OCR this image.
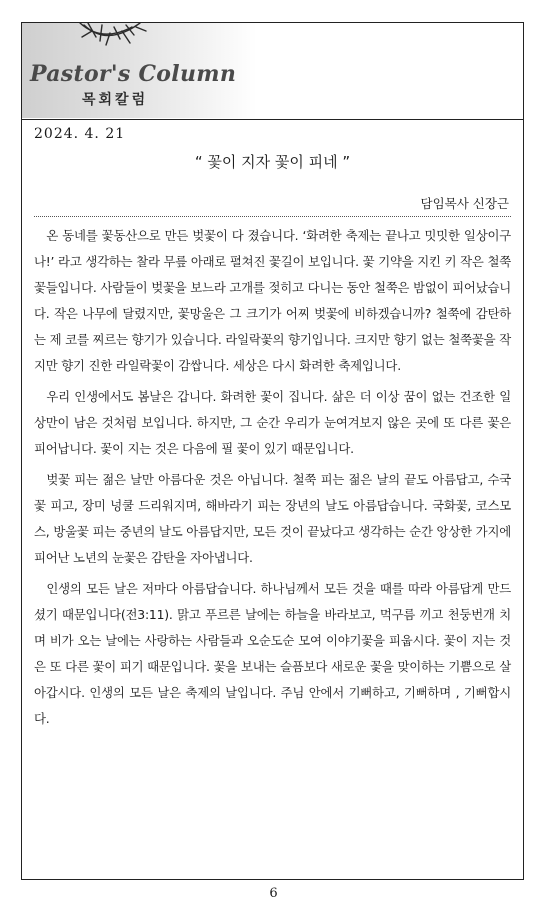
Pastor's Column
목회칼럼
2024. 4. 21
“ 꽃이 지자 꽃이 피네 ”
담임목사 신장근

온 동네를 꽃동산으로 만든 벚꽃이 다 졌습니다. ‘화려한 축제는 끝나고 밋밋한 일상이구나!’ 라고 생각하는 찰라 무릎 아래로 펼쳐진 꽃길이 보입니다. 꽃 기약을 지킨 키 작은 철쭉꽃들입니다. 사람들이 벚꽃을 보느라 고개를 젖히고 다니는 동안 철쭉은 밤없이 피어났습니다. 작은 나무에 달렸지만, 꽃망울은 그 크기가 어찌 벚꽃에 비하겠습니까? 철쭉에 감탄하는 제 코를 찌르는 향기가 있습니다. 라일락꽃의 향기입니다. 크지만 향기 없는 철쭉꽃을 작지만 향기 진한 라일락꽃이 감쌉니다. 세상은 다시 화려한 축제입니다.

우리 인생에서도 봄날은 갑니다. 화려한 꽃이 집니다. 삶은 더 이상 꿈이 없는 건조한 일상만이 남은 것처럼 보입니다. 하지만, 그 순간 우리가 눈여겨보지 않은 곳에 또 다른 꽃은 피어납니다. 꽃이 지는 것은 다음에 필 꽃이 있기 때문입니다.

벚꽃 피는 젊은 날만 아름다운 것은 아닙니다. 철쭉 피는 젊은 날의 끝도 아름답고, 수국꽃 피고, 장미 넝쿨 드리워지며, 해바라기 피는 장년의 날도 아름답습니다. 국화꽃, 코스모스, 방울꽃 피는 중년의 날도 아름답지만, 모든 것이 끝났다고 생각하는 순간 앙상한 가지에 피어난 노년의 눈꽃은 감탄을 자아냅니다.

인생의 모든 날은 저마다 아름답습니다. 하나님께서 모든 것을 때를 따라 아름답게 만드셨기 때문입니다(전3:11). 맑고 푸르른 날에는 하늘을 바라보고, 먹구름 끼고 천둥번개 치며 비가 오는 날에는 사랑하는 사람들과 오순도순 모여 이야기꽃을 피웁시다. 꽃이 지는 것은 또 다른 꽃이 피기 때문입니다. 꽃을 보내는 슬픔보다 새로운 꽃을 맞이하는 기쁨으로 살아갑시다. 인생의 모든 날은 축제의 날입니다. 주님 안에서 기뻐하고, 기뻐하며 , 기뻐합시다.

6
